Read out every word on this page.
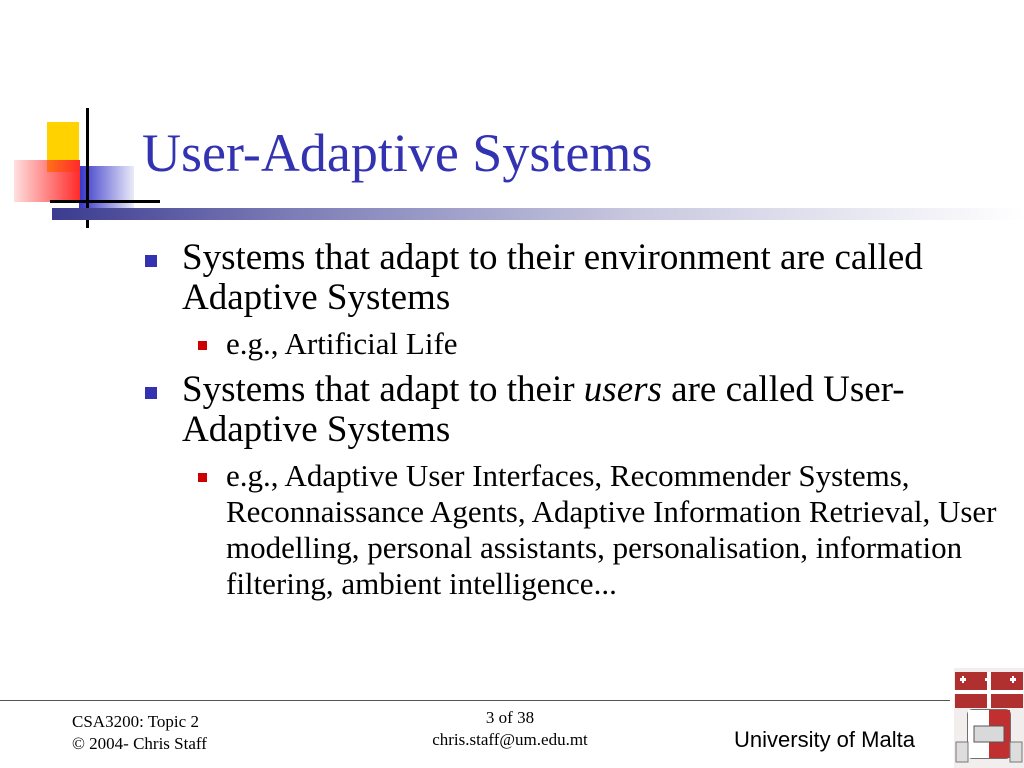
User-Adaptive Systems
Systems that adapt to their environment are called Adaptive Systems
e.g., Artificial Life
Systems that adapt to their users are called User-Adaptive Systems
e.g., Adaptive User Interfaces, Recommender Systems, Reconnaissance Agents, Adaptive Information Retrieval, User modelling, personal assistants, personalisation, information filtering, ambient intelligence...
CSA3200: Topic 2
© 2004- Chris Staff
3 of 38
chris.staff@um.edu.mt	University of Malta
